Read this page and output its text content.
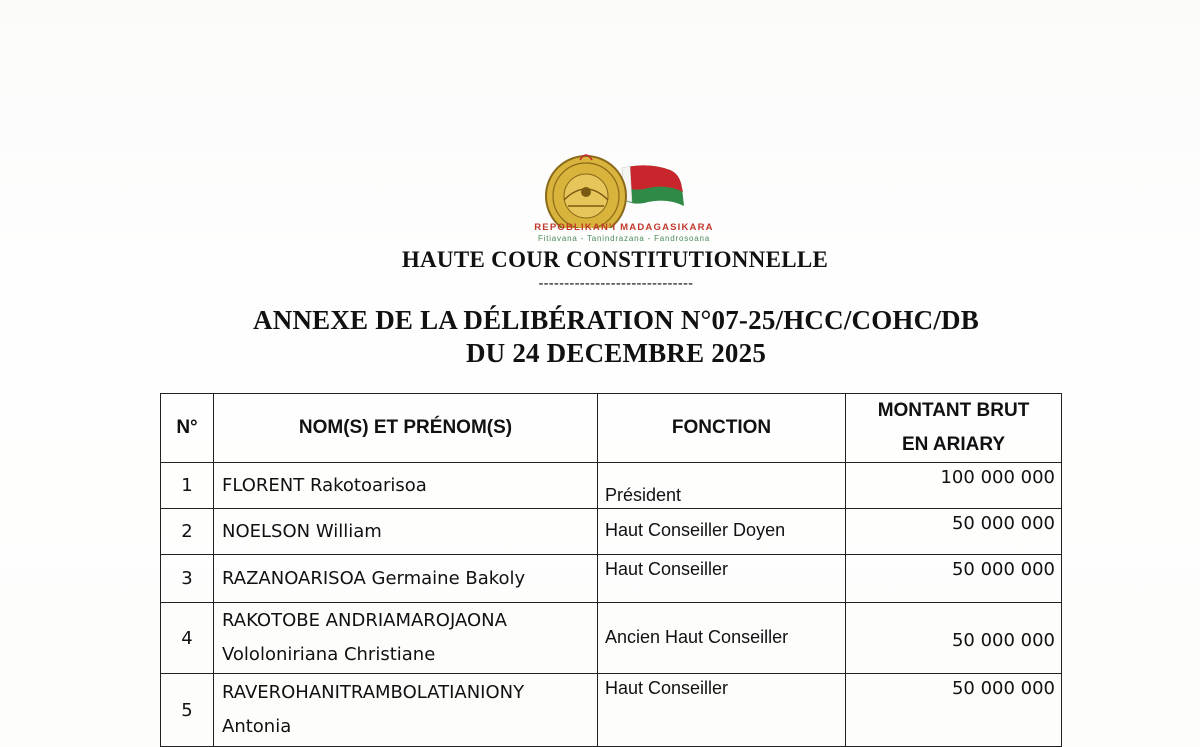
REPOBLIKAN'I MADAGASIKARA
Fitiavana - Tanindrazana - Fandrosoana
HAUTE COUR CONSTITUTIONNELLE
------------------------------
ANNEXE DE LA DÉLIBÉRATION N°07-25/HCC/COHC/DB
DU 24 DECEMBRE 2025
N°	NOM(S) ET PRÉNOM(S)	FONCTION	MONTANT BRUT
EN ARIARY

1	FLORENT Rakotoarisoa	Président	100 000 000
2	NOELSON William	Haut Conseiller Doyen	50 000 000
3	RAZANOARISOA Germaine Bakoly	Haut Conseiller	50 000 000
4	RAKOTOBE ANDRIAMAROJAONA
Vololoniriana Christiane	Ancien Haut Conseiller	50 000 000
5	RAVEROHANITRAMBOLATIANIONY
Antonia	Haut Conseiller	50 000 000
